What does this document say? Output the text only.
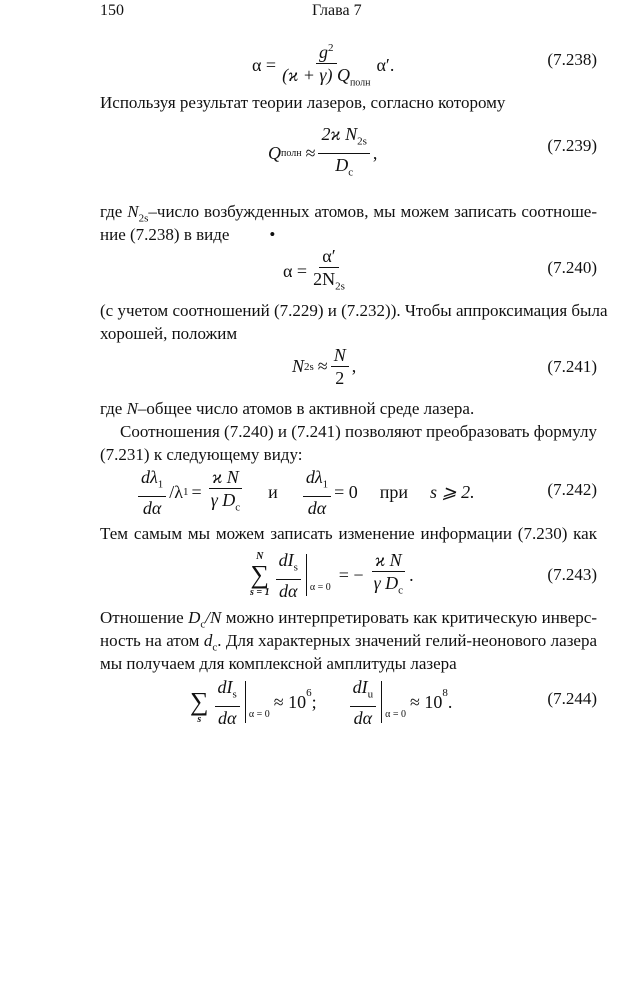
150	Глава 7
$\alpha = \frac{g^2}{(ϰ + \gamma) Q_{полн}} \alpha'$.	(7.238)
Используя результат теории лазеров, согласно которому
Q полн ≈ $\frac{2ϰ N_{2s}}{D_c}$ ,	(7.239)
где $N_{2s}$–число возбужденных атомов, мы можем записать соотноше-
ние (7.238) в виде •
$\alpha = \frac{\alpha'}{2N_{2s}}$	(7.240)
(с учетом соотношений (7.229) и (7.232)). Чтобы аппроксимация была
хорошей, положим
N $2s \approx \frac{N}{2}$ ,	(7.241)
где N–общее число атомов в активной среде лазера.
Соотношения (7.240) и (7.241) позволяют преобразовать формулу
(7.231) к следующему виду:
$\frac{d\lambda_1}{d\alpha} /\lambda$ $1 = \frac{\text{ϰ N}}{\gamma D_c}$ и $\frac{d\lambda_1}{d\alpha} = 0$ при s ⩾ 2.	(7.242)
Тем самым мы можем записать изменение информации (7.230) как
N
∑
$s = 1 \frac{dI_s}{d\alpha}$ α = 0
= − $\frac{\text{ϰ N}}{\gamma D_c}$ .	(7.243)
Отношение $D_c/N$ можно интерпретировать как критическую инверс-
ность на атом $d_c$. Для характерных значений гелий-неонового лазера
мы получаем для комплексной амплитуды лазера

∑
s $\frac{dI_s}{d\alpha}$ α = 0
≈ $10^6$ ; $\frac{dI_u}{d\alpha}$ α = 0
≈ $10^8$ .	(7.244)
